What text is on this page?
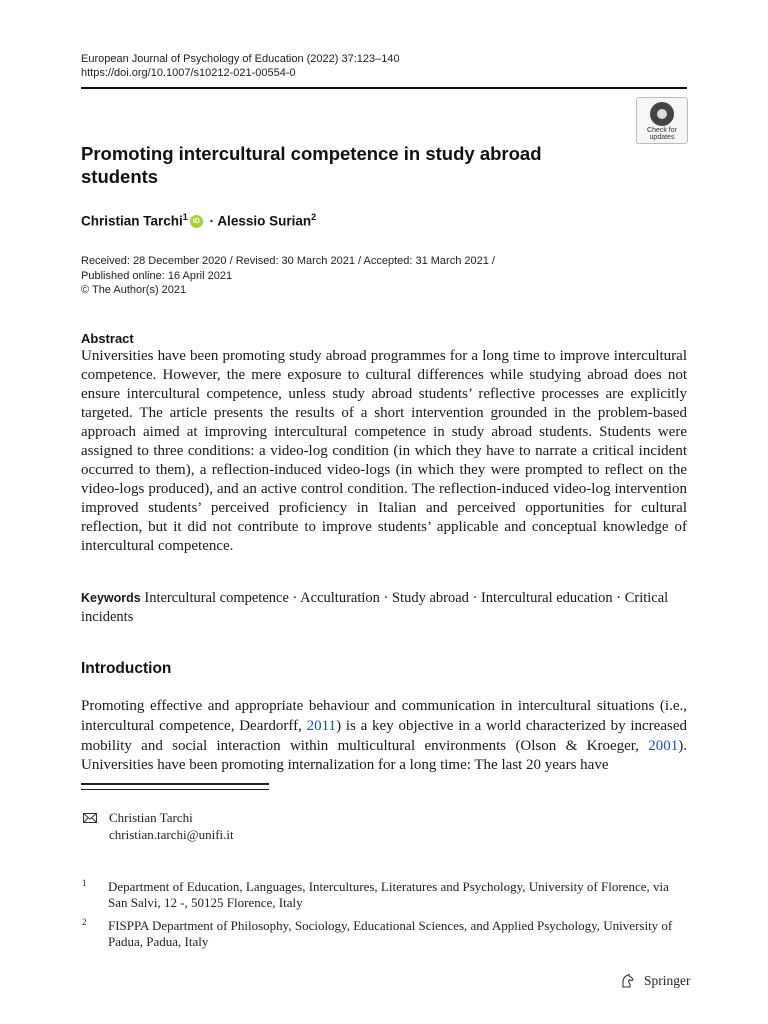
European Journal of Psychology of Education (2022) 37:123–140
https://doi.org/10.1007/s10212-021-00554-0
Check for
updates
Promoting intercultural competence in study abroad students
Christian Tarchi$^1$ iD · Alessio Surian$^2$
Received: 28 December 2020 / Revised: 30 March 2021 / Accepted: 31 March 2021 /
Published online: 16 April 2021
© The Author(s) 2021
Abstract
Universities have been promoting study abroad programmes for a long time to improve intercultural competence. However, the mere exposure to cultural differences while studying abroad does not ensure intercultural competence, unless study abroad students’ reflective processes are explicitly targeted. The article presents the results of a short intervention grounded in the problem-based approach aimed at improving intercultural competence in study abroad students. Students were assigned to three conditions: a video-log condition (in which they have to narrate a critical incident occurred to them), a reflection-induced video-logs (in which they were prompted to reflect on the video-logs produced), and an active control condition. The reflection-induced video-log intervention improved students’ perceived proficiency in Italian and perceived opportunities for cultural reflection, but it did not contribute to improve students’ applicable and conceptual knowledge of intercultural competence.
Keywords Intercultural competence · Acculturation · Study abroad · Intercultural education · Critical incidents
Introduction
Promoting effective and appropriate behaviour and communication in intercultural situations (i.e., intercultural competence, Deardorff, 2011) is a key objective in a world characterized by increased mobility and social interaction within multicultural environments (Olson & Kroeger, 2001). Universities have been promoting internalization for a long time: The last 20 years have
Christian Tarchi
christian.tarchi@unifi.it
1 Department of Education, Languages, Intercultures, Literatures and Psychology, University of Florence, via San Salvi, 12 -, 50125 Florence, Italy
2 FISPPA Department of Philosophy, Sociology, Educational Sciences, and Applied Psychology, University of Padua, Padua, Italy
Springer
